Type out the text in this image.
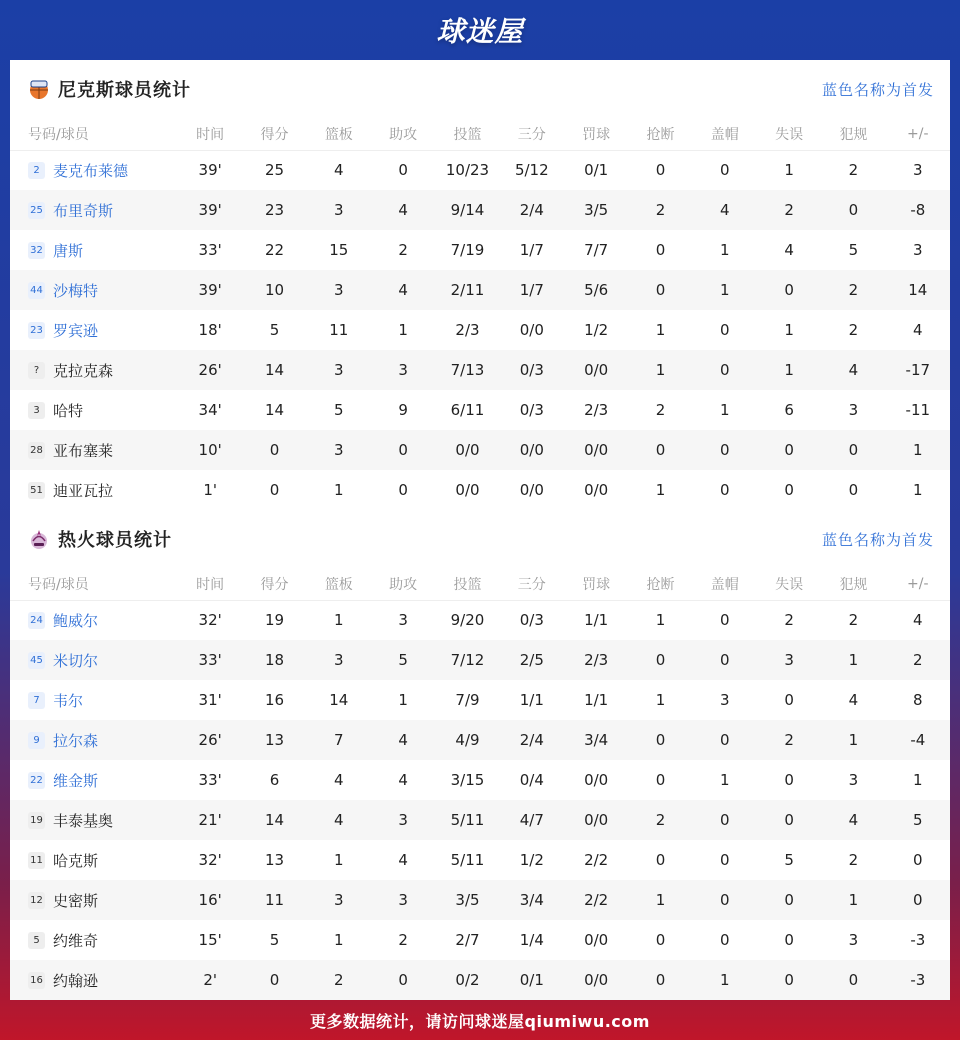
球迷屋
尼克斯球员统计	蓝色名称为首发
号码/球员	时间	得分	篮板	助攻	投篮	三分	罚球	抢断	盖帽	失误	犯规	+/-
2 麦克布莱德	39'	25	4	0	10/23	5/12	0/1	0	0	1	2	3
25 布里奇斯	39'	23	3	4	9/14	2/4	3/5	2	4	2	0	-8
32 唐斯	33'	22	15	2	7/19	1/7	7/7	0	1	4	5	3
44 沙梅特	39'	10	3	4	2/11	1/7	5/6	0	1	0	2	14
23 罗宾逊	18'	5	11	1	2/3	0/0	1/2	1	0	1	2	4
? 克拉克森	26'	14	3	3	7/13	0/3	0/0	1	0	1	4	-17
3 哈特	34'	14	5	9	6/11	0/3	2/3	2	1	6	3	-11
28 亚布塞莱	10'	0	3	0	0/0	0/0	0/0	0	0	0	0	1
51 迪亚瓦拉	1'	0	1	0	0/0	0/0	0/0	1	0	0	0	1
热火球员统计	蓝色名称为首发
号码/球员	时间	得分	篮板	助攻	投篮	三分	罚球	抢断	盖帽	失误	犯规	+/-
24 鲍威尔	32'	19	1	3	9/20	0/3	1/1	1	0	2	2	4
45 米切尔	33'	18	3	5	7/12	2/5	2/3	0	0	3	1	2
7 韦尔	31'	16	14	1	7/9	1/1	1/1	1	3	0	4	8
9 拉尔森	26'	13	7	4	4/9	2/4	3/4	0	0	2	1	-4
22 维金斯	33'	6	4	4	3/15	0/4	0/0	0	1	0	3	1
19 丰泰基奥	21'	14	4	3	5/11	4/7	0/0	2	0	0	4	5
11 哈克斯	32'	13	1	4	5/11	1/2	2/2	0	0	5	2	0
12 史密斯	16'	11	3	3	3/5	3/4	2/2	1	0	0	1	0
5 约维奇	15'	5	1	2	2/7	1/4	0/0	0	0	0	3	-3
16 约翰逊	2'	0	2	0	0/2	0/1	0/0	0	1	0	0	-3
更多数据统计，请访问球迷屋qiumiwu.com
